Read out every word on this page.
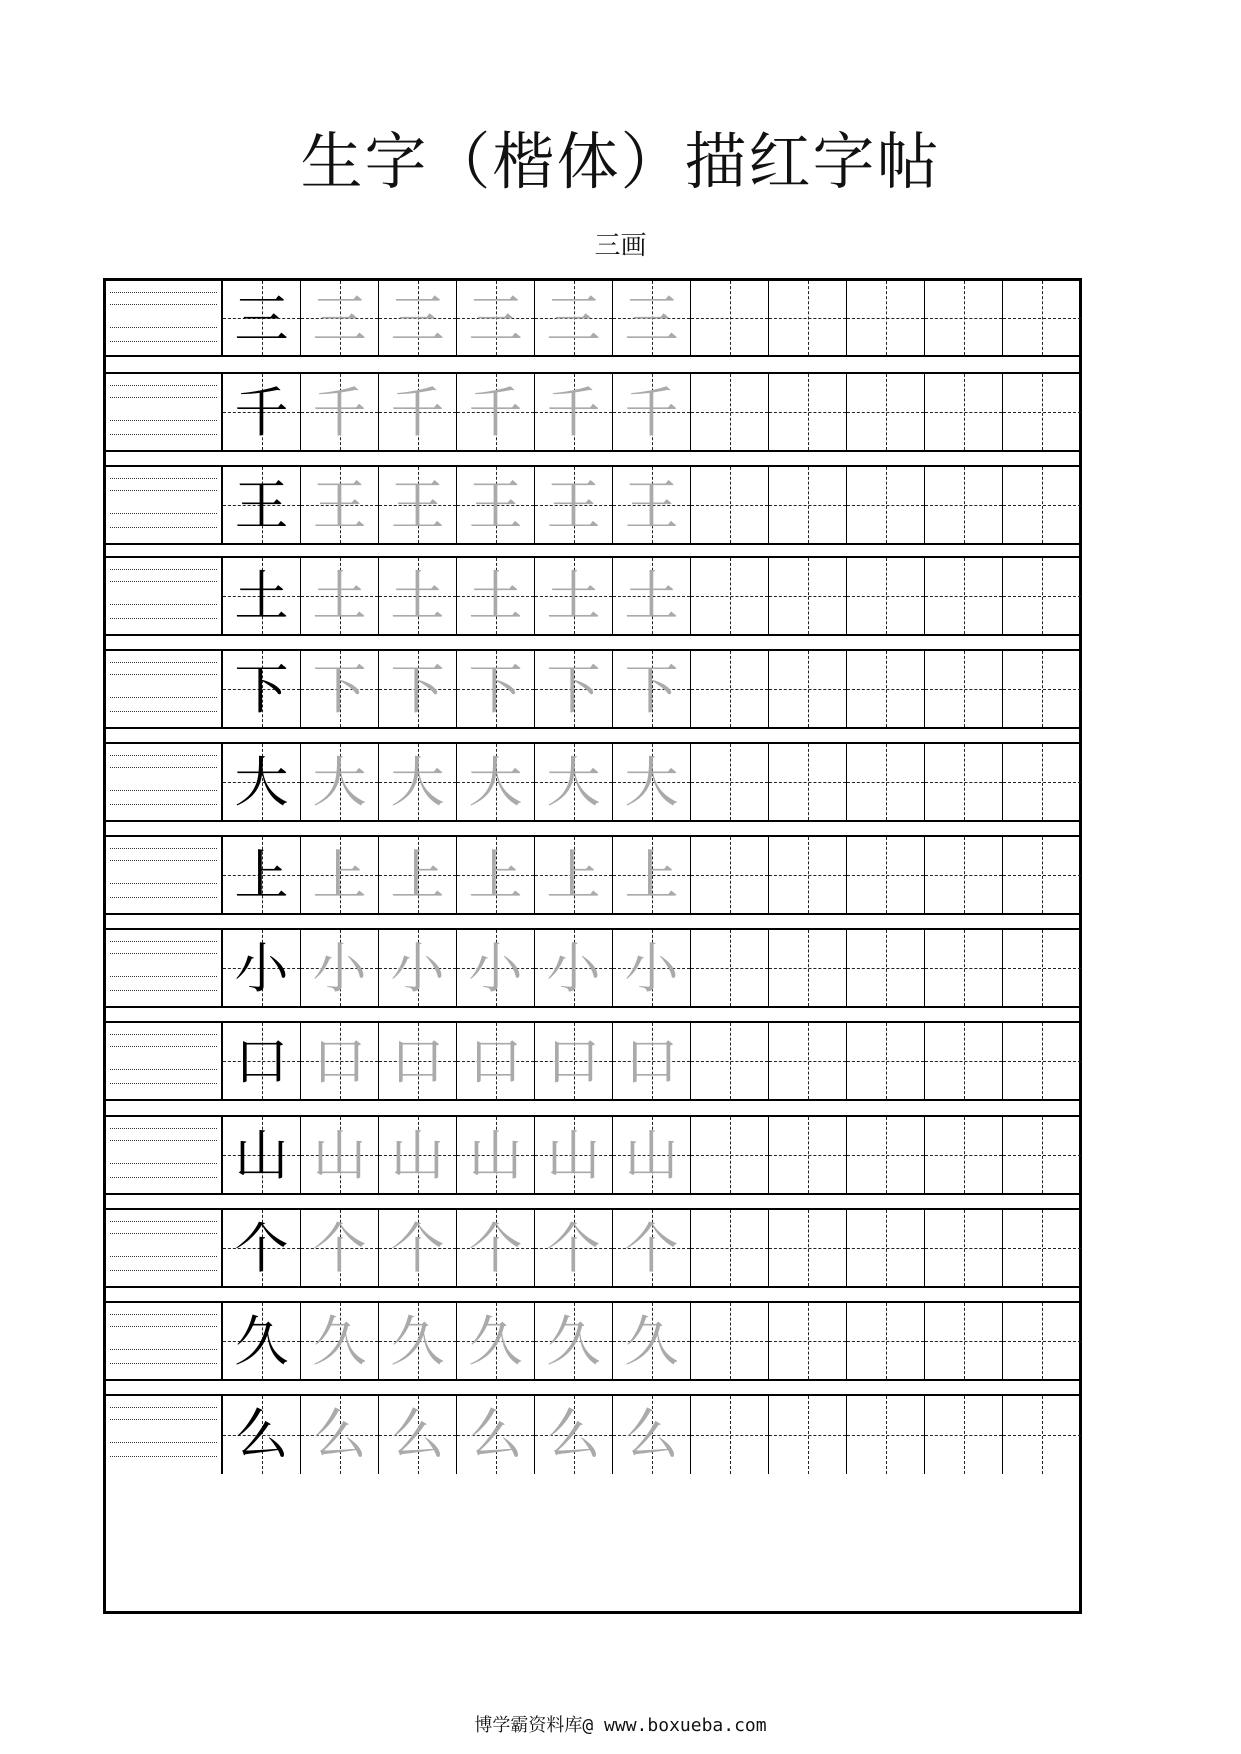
生字（楷体）描红字帖
三画
三 三 三 三 三 三
千 千 千 千 千 千
王 王 王 王 王 王
土 土 土 土 土 土
下 下 下 下 下 下
大 大 大 大 大 大
上 上 上 上 上 上
小 小 小 小 小 小
口 口 口 口 口 口
山 山 山 山 山 山
个 个 个 个 个 个
久 久 久 久 久 久
么 么 么 么 么 么
博学霸资料库@ www.boxueba.com
